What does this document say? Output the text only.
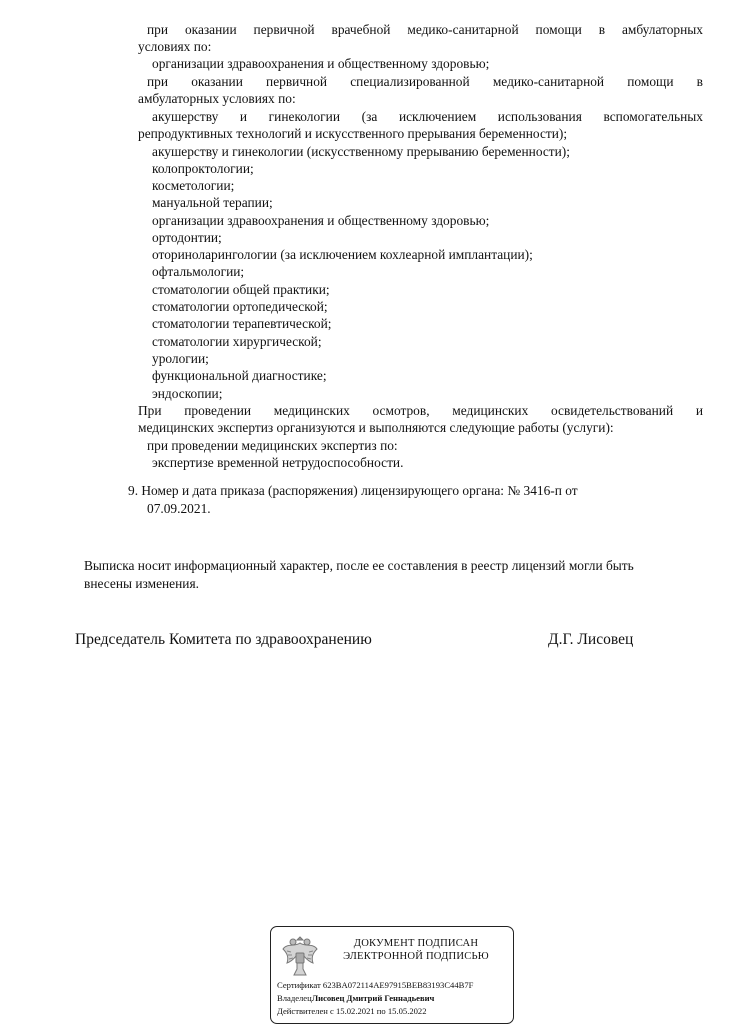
при оказании первичной врачебной медико-санитарной помощи в амбулаторных

условиях по:

организации здравоохранения и общественному здоровью;

при оказании первичной специализированной медико-санитарной помощи в

амбулаторных условиях по:

акушерству и гинекологии (за исключением использования вспомогательных

репродуктивных технологий и искусственного прерывания беременности);

акушерству и гинекологии (искусственному прерыванию беременности);

колопроктологии;

косметологии;

мануальной терапии;

организации здравоохранения и общественному здоровью;

ортодонтии;

оториноларингологии (за исключением кохлеарной имплантации);

офтальмологии;

стоматологии общей практики;

стоматологии ортопедической;

стоматологии терапевтической;

стоматологии хирургической;

урологии;

функциональной диагностике;

эндоскопии;

При проведении медицинских осмотров, медицинских освидетельствований и

медицинских экспертиз организуются и выполняются следующие работы (услуги):

при проведении медицинских экспертиз по:

экспертизе временной нетрудоспособности.

9. Номер и дата приказа (распоряжения) лицензирующего органа: № 3416-п от

07.09.2021.

Выписка носит информационный характер, после ее составления в реестр лицензий могли быть

внесены изменения.

Председатель Комитета по здравоохранению	Д.Г. Лисовец
ДОКУМЕНТ ПОДПИСАН
ЭЛЕКТРОННОЙ ПОДПИСЬЮ
Сертификат 623BA072114AE97915BEB83193C44B7F
ВладелецЛисовец Дмитрий Геннадьевич
Действителен с 15.02.2021 по 15.05.2022
